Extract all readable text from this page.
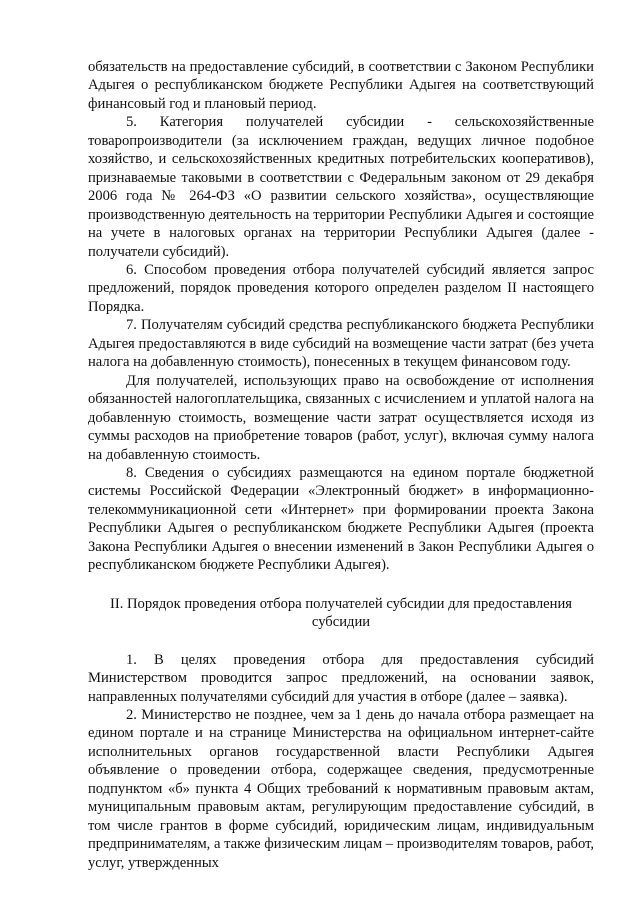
обязательств на предоставление субсидий, в соответствии с Законом Республики Адыгея о республиканском бюджете Республики Адыгея на соответствующий финансовый год и плановый период.

5. Категория получателей субсидии - сельскохозяйственные товаропроизводители (за исключением граждан, ведущих личное подобное хозяйство, и сельскохозяйственных кредитных потребительских кооперативов), признаваемые таковыми в соответствии с Федеральным законом от 29 декабря 2006 года № 264-ФЗ «О развитии сельского хозяйства», осуществляющие производственную деятельность на территории Республики Адыгея и состоящие на учете в налоговых органах на территории Республики Адыгея (далее - получатели субсидий).

6. Способом проведения отбора получателей субсидий является запрос предложений, порядок проведения которого определен разделом II настоящего Порядка.

7. Получателям субсидий средства республиканского бюджета Республики Адыгея предоставляются в виде субсидий на возмещение части затрат (без учета налога на добавленную стоимость), понесенных в текущем финансовом году.

Для получателей, использующих право на освобождение от исполнения обязанностей налогоплательщика, связанных с исчислением и уплатой налога на добавленную стоимость, возмещение части затрат осуществляется исходя из суммы расходов на приобретение товаров (работ, услуг), включая сумму налога на добавленную стоимость.

8. Сведения о субсидиях размещаются на едином портале бюджетной системы Российской Федерации «Электронный бюджет» в информационно-телекоммуникационной сети «Интернет» при формировании проекта Закона Республики Адыгея о республиканском бюджете Республики Адыгея (проекта Закона Республики Адыгея о внесении изменений в Закон Республики Адыгея о республиканском бюджете Республики Адыгея).

II. Порядок проведения отбора получателей субсидии для предоставления субсидии

1. В целях проведения отбора для предоставления субсидий Министерством проводится запрос предложений, на основании заявок, направленных получателями субсидий для участия в отборе (далее – заявка).

2. Министерство не позднее, чем за 1 день до начала отбора размещает на едином портале и на странице Министерства на официальном интернет-сайте исполнительных органов государственной власти Республики Адыгея объявление о проведении отбора, содержащее сведения, предусмотренные подпунктом «б» пункта 4 Общих требований к нормативным правовым актам, муниципальным правовым актам, регулирующим предоставление субсидий, в том числе грантов в форме субсидий, юридическим лицам, индивидуальным предпринимателям, а также физическим лицам – производителям товаров, работ, услуг, утвержденных
